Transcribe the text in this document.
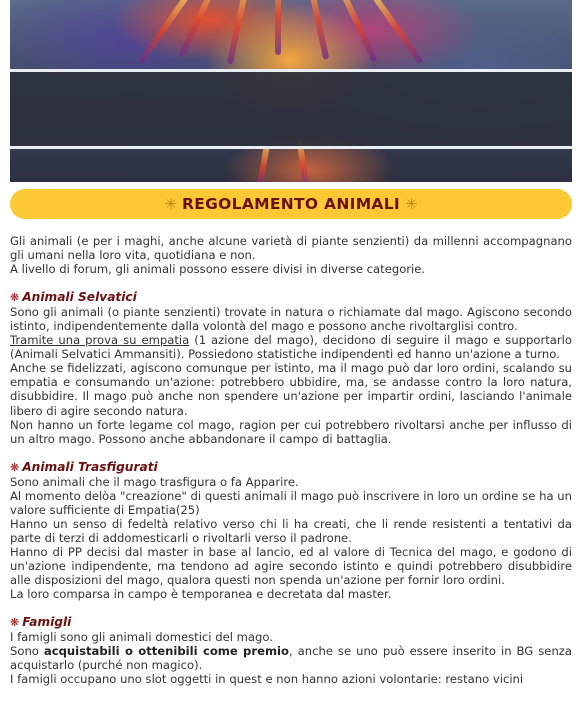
✳ REGOLAMENTO ANIMALI ✳

Gli animali (e per i maghi, anche alcune varietà di piante senzienti) da millenni accompagnano gli umani nella loro vita, quotidiana e non.

A livello di forum, gli animali possono essere divisi in diverse categorie.

❋ Animali Selvatici

Sono gli animali (o piante senzienti) trovate in natura o richiamate dal mago. Agiscono secondo istinto, indipendentemente dalla volontà del mago e possono anche rivoltarglisi contro.

Tramite una prova su empatia (1 azione del mago), decidono di seguire il mago e supportarlo (Animali Selvatici Ammansiti). Possiedono statistiche indipendenti ed hanno un'azione a turno.

Anche se fidelizzati, agiscono comunque per istinto, ma il mago può dar loro ordini, scalando su empatia e consumando un'azione: potrebbero ubbidire, ma, se andasse contro la loro natura, disubbidire. Il mago può anche non spendere un'azione per impartir ordini, lasciando l'animale libero di agire secondo natura.

Non hanno un forte legame col mago, ragion per cui potrebbero rivoltarsi anche per influsso di un altro mago. Possono anche abbandonare il campo di battaglia.

❋ Animali Trasfigurati

Sono animali che il mago trasfigura o fa Apparire.

Al momento delòa "creazione" di questi animali il mago può inscrivere in loro un ordine se ha un valore sufficiente di Empatia(25)

Hanno un senso di fedeltà relativo verso chi li ha creati, che li rende resistenti a tentativi da parte di terzi di addomesticarli o rivoltarli verso il padrone.

Hanno di PP decisi dal master in base al lancio, ed al valore di Tecnica del mago, e godono di un'azione indipendente, ma tendono ad agire secondo istinto e quindi potrebbero disubbidire alle disposizioni del mago, qualora questi non spenda un'azione per fornir loro ordini.

La loro comparsa in campo è temporanea e decretata dal master.

❋ Famigli

I famigli sono gli animali domestici del mago.

Sono acquistabili o ottenibili come premio, anche se uno può essere inserito in BG senza acquistarlo (purché non magico).

I famigli occupano uno slot oggetti in quest e non hanno azioni volontarie: restano vicini
